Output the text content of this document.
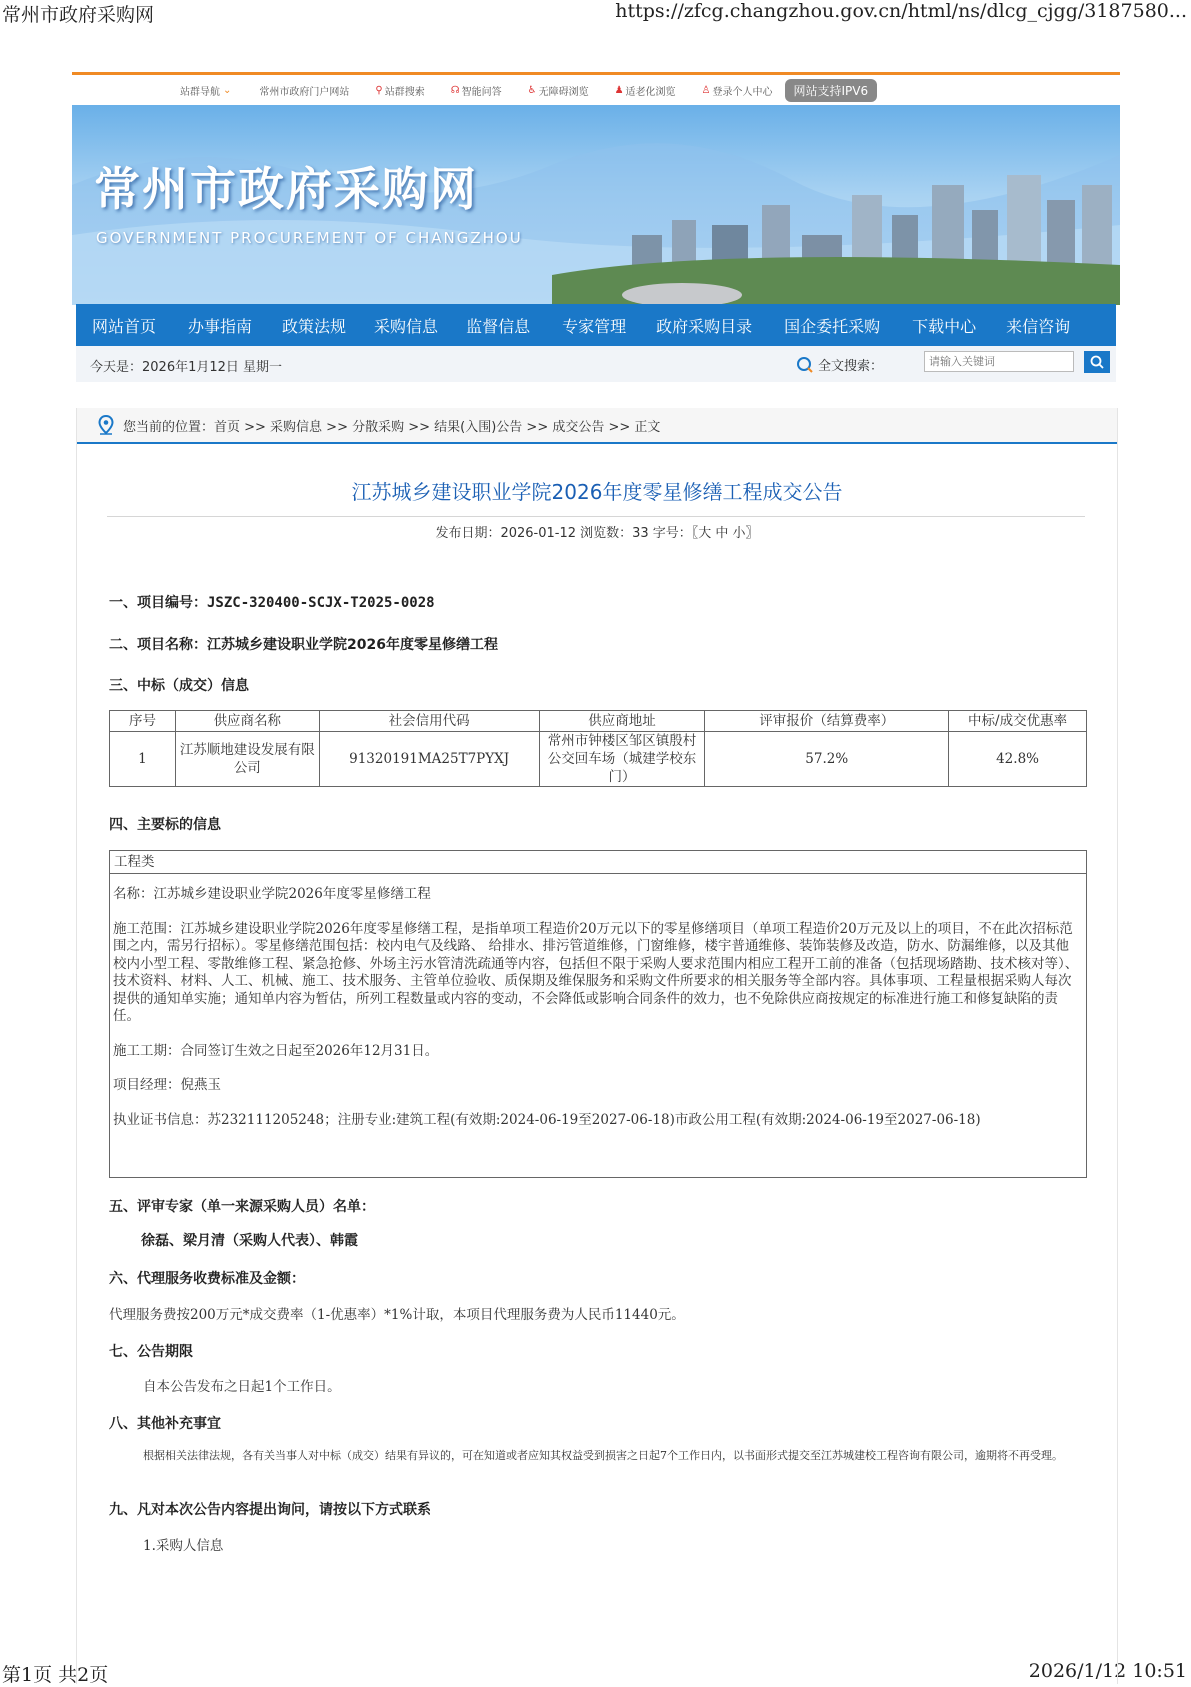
常州市政府采购网	https://zfcg.changzhou.gov.cn/html/ns/dlcg_cjgg/3187580...
第1页 共2页	2026/1/12 10:51
站群导航 ⌄	常州市政府门户网站	⚲ 站群搜索	☊ 智能问答	♿ 无障碍浏览	♟ 适老化浏览	♙ 登录个人中心	网站支持IPV6
常州市政府采购网
GOVERNMENT PROCUREMENT OF CHANGZHOU
网站首页 办事指南 政策法规 采购信息 监督信息 专家管理 政府采购目录 国企委托采购 下载中心 来信咨询
今天是：2026年1月12日 星期一	全文搜索：
请输入关键词
您当前的位置：首页 >> 采购信息 >> 分散采购 >> 结果(入围)公告 >> 成交公告 >> 正文
江苏城乡建设职业学院2026年度零星修缮工程成交公告
发布日期：2026-01-12 浏览数：33 字号：〖大 中 小〗
一、项目编号：JSZC-320400-SCJX-T2025-0028
二、项目名称：江苏城乡建设职业学院2026年度零星修缮工程
三、中标（成交）信息
序号	供应商名称	社会信用代码	供应商地址	评审报价（结算费率）	中标/成交优惠率
1	江苏顺地建设发展有限公司	91320191MA25T7PYXJ	常州市钟楼区邹区镇殷村公交回车场（城建学校东门）	57.2%	42.8%
四、主要标的信息
工程类

名称：江苏城乡建设职业学院2026年度零星修缮工程

施工范围：江苏城乡建设职业学院2026年度零星修缮工程，是指单项工程造价20万元以下的零星修缮项目（单项工程造价20万元及以上的项目，不在此次招标范围之内，需另行招标）。零星修缮范围包括：校内电气及线路、 给排水、排污管道维修，门窗维修，楼宇普通维修、装饰装修及改造，防水、防漏维修，以及其他校内小型工程、零散维修工程、紧急抢修、外场主污水管清洗疏通等内容，包括但不限于采购人要求范围内相应工程开工前的准备（包括现场踏勘、技术核对等）、技术资料、材料、人工、机械、施工、技术服务、主管单位验收、质保期及维保服务和采购文件所要求的相关服务等全部内容。具体事项、工程量根据采购人每次提供的通知单实施；通知单内容为暂估，所列工程数量或内容的变动，不会降低或影响合同条件的效力，也不免除供应商按规定的标准进行施工和修复缺陷的责任。

施工工期：合同签订生效之日起至2026年12月31日。

项目经理：倪燕玉

执业证书信息：苏232111205248；注册专业:建筑工程(有效期:2024-06-19至2027-06-18)市政公用工程(有效期:2024-06-19至2027-06-18)

五、评审专家（单一来源采购人员）名单：
徐磊、梁月清（采购人代表）、韩霞
六、代理服务收费标准及金额：
代理服务费按200万元*成交费率（1-优惠率）*1%计取，本项目代理服务费为人民币11440元。
七、公告期限
自本公告发布之日起1个工作日。
八、其他补充事宜
根据相关法律法规，各有关当事人对中标（成交）结果有异议的，可在知道或者应知其权益受到损害之日起7个工作日内，以书面形式提交至江苏城建校工程咨询有限公司，逾期将不再受理。
九、凡对本次公告内容提出询问，请按以下方式联系
1.采购人信息
